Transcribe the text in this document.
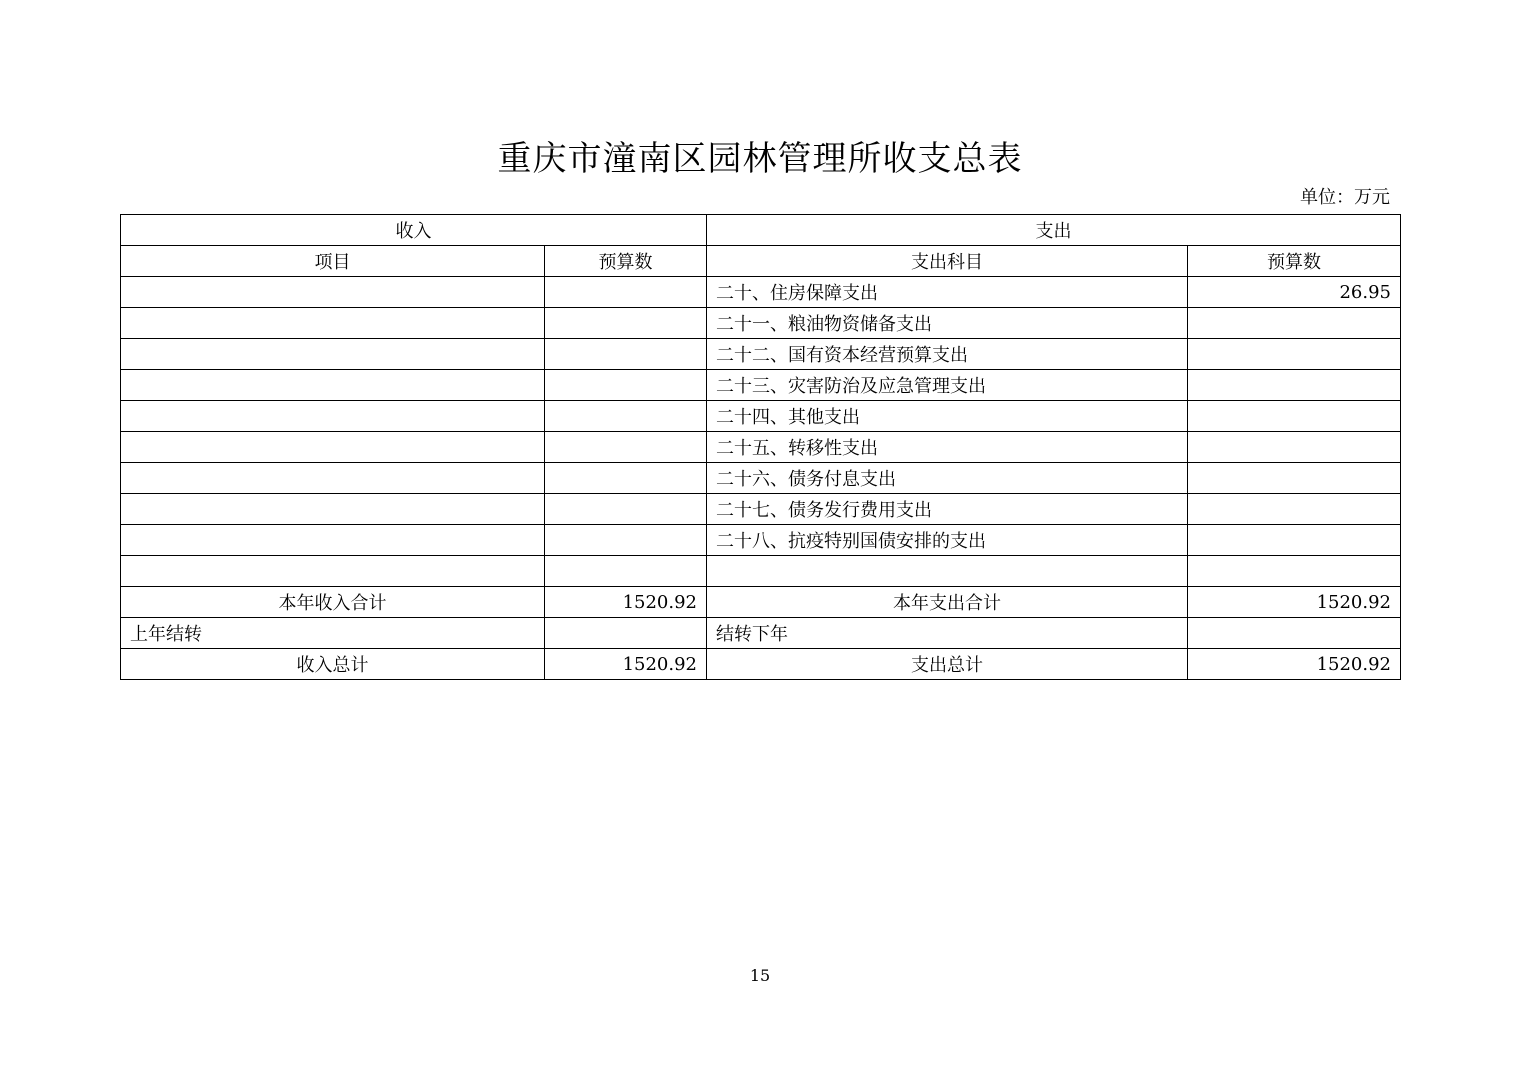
重庆市潼南区园林管理所收支总表
单位：万元
收入		支出	
项目	预算数	支出科目	预算数
		二十、住房保障支出	26.95
		二十一、粮油物资储备支出	
		二十二、国有资本经营预算支出	
		二十三、灾害防治及应急管理支出	
		二十四、其他支出	
		二十五、转移性支出	
		二十六、债务付息支出	
		二十七、债务发行费用支出	
		二十八、抗疫特别国债安排的支出	

本年收入合计	1520.92	本年支出合计	1520.92
上年结转		结转下年	
收入总计	1520.92	支出总计	1520.92
15
